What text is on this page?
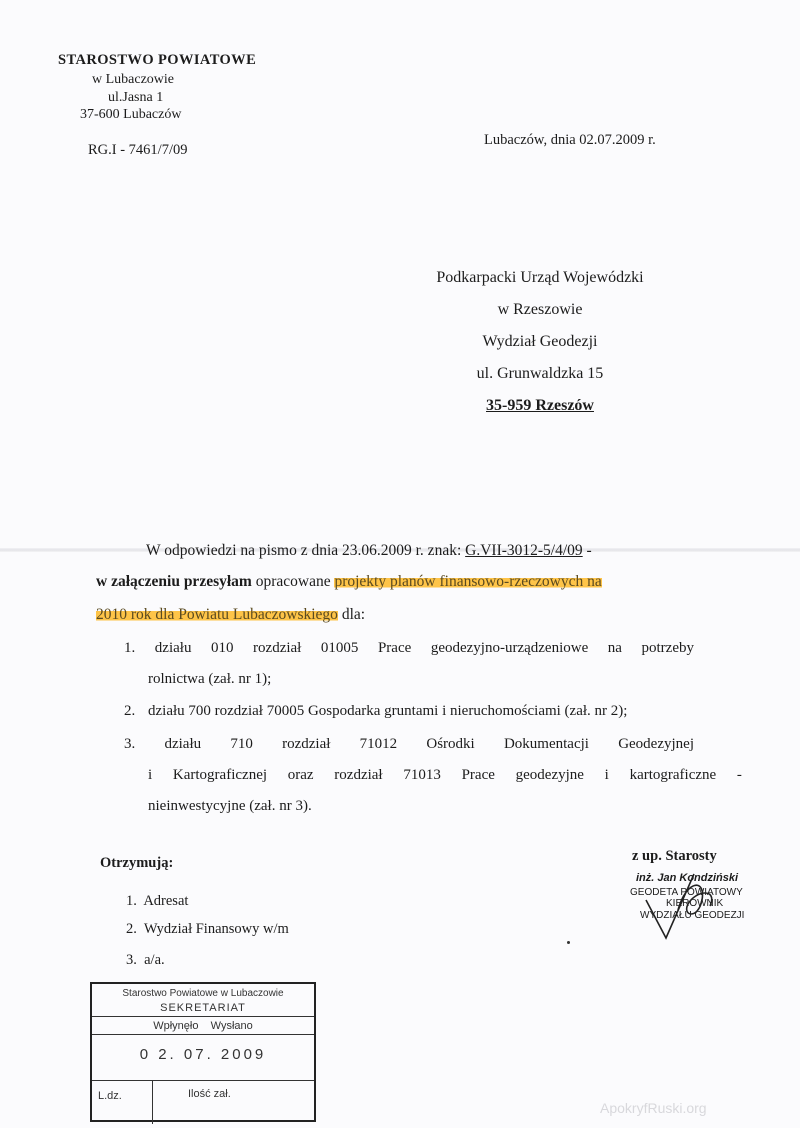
STAROSTWO POWIATOWE
w Lubaczowie
ul.Jasna 1
37-600 Lubaczów
RG.I - 7461/7/09
Lubaczów, dnia 02.07.2009 r.
Podkarpacki Urząd Wojewódzki
w Rzeszowie
Wydział Geodezji
ul. Grunwaldzka 15
35-959 Rzeszów
W odpowiedzi na pismo z dnia 23.06.2009 r. znak: G.VII-3012-5/4/09 -
w załączeniu przesyłam opracowane projekty planów finansowo-rzeczowych na
2010 rok dla Powiatu Lubaczowskiego dla:
1. działu 010 rozdział 01005 Prace geodezyjno-urządzeniowe na potrzeby
rolnictwa (zał. nr 1);
2. działu 700 rozdział 70005 Gospodarka gruntami i nieruchomościami (zał. nr 2);
3. działu 710 rozdział 71012 Ośrodki Dokumentacji Geodezyjnej
i Kartograficznej oraz rozdział 71013 Prace geodezyjne i kartograficzne -
nieinwestycyjne (zał. nr 3).
Otrzymują:
1.  Adresat
2.  Wydział Finansowy w/m
3.  a/a.
z up. Starosty
inż. Jan Kondziński
GEODETA POWIATOWY
KIEROWNIK
WYDZIAŁU GEODEZJI
Starostwo Powiatowe w Lubaczowie
SEKRETARIAT
Wpłynęło    Wysłano
0 2. 07. 2009
L.dz.	Ilość zał.
ApokryfRuski.org
